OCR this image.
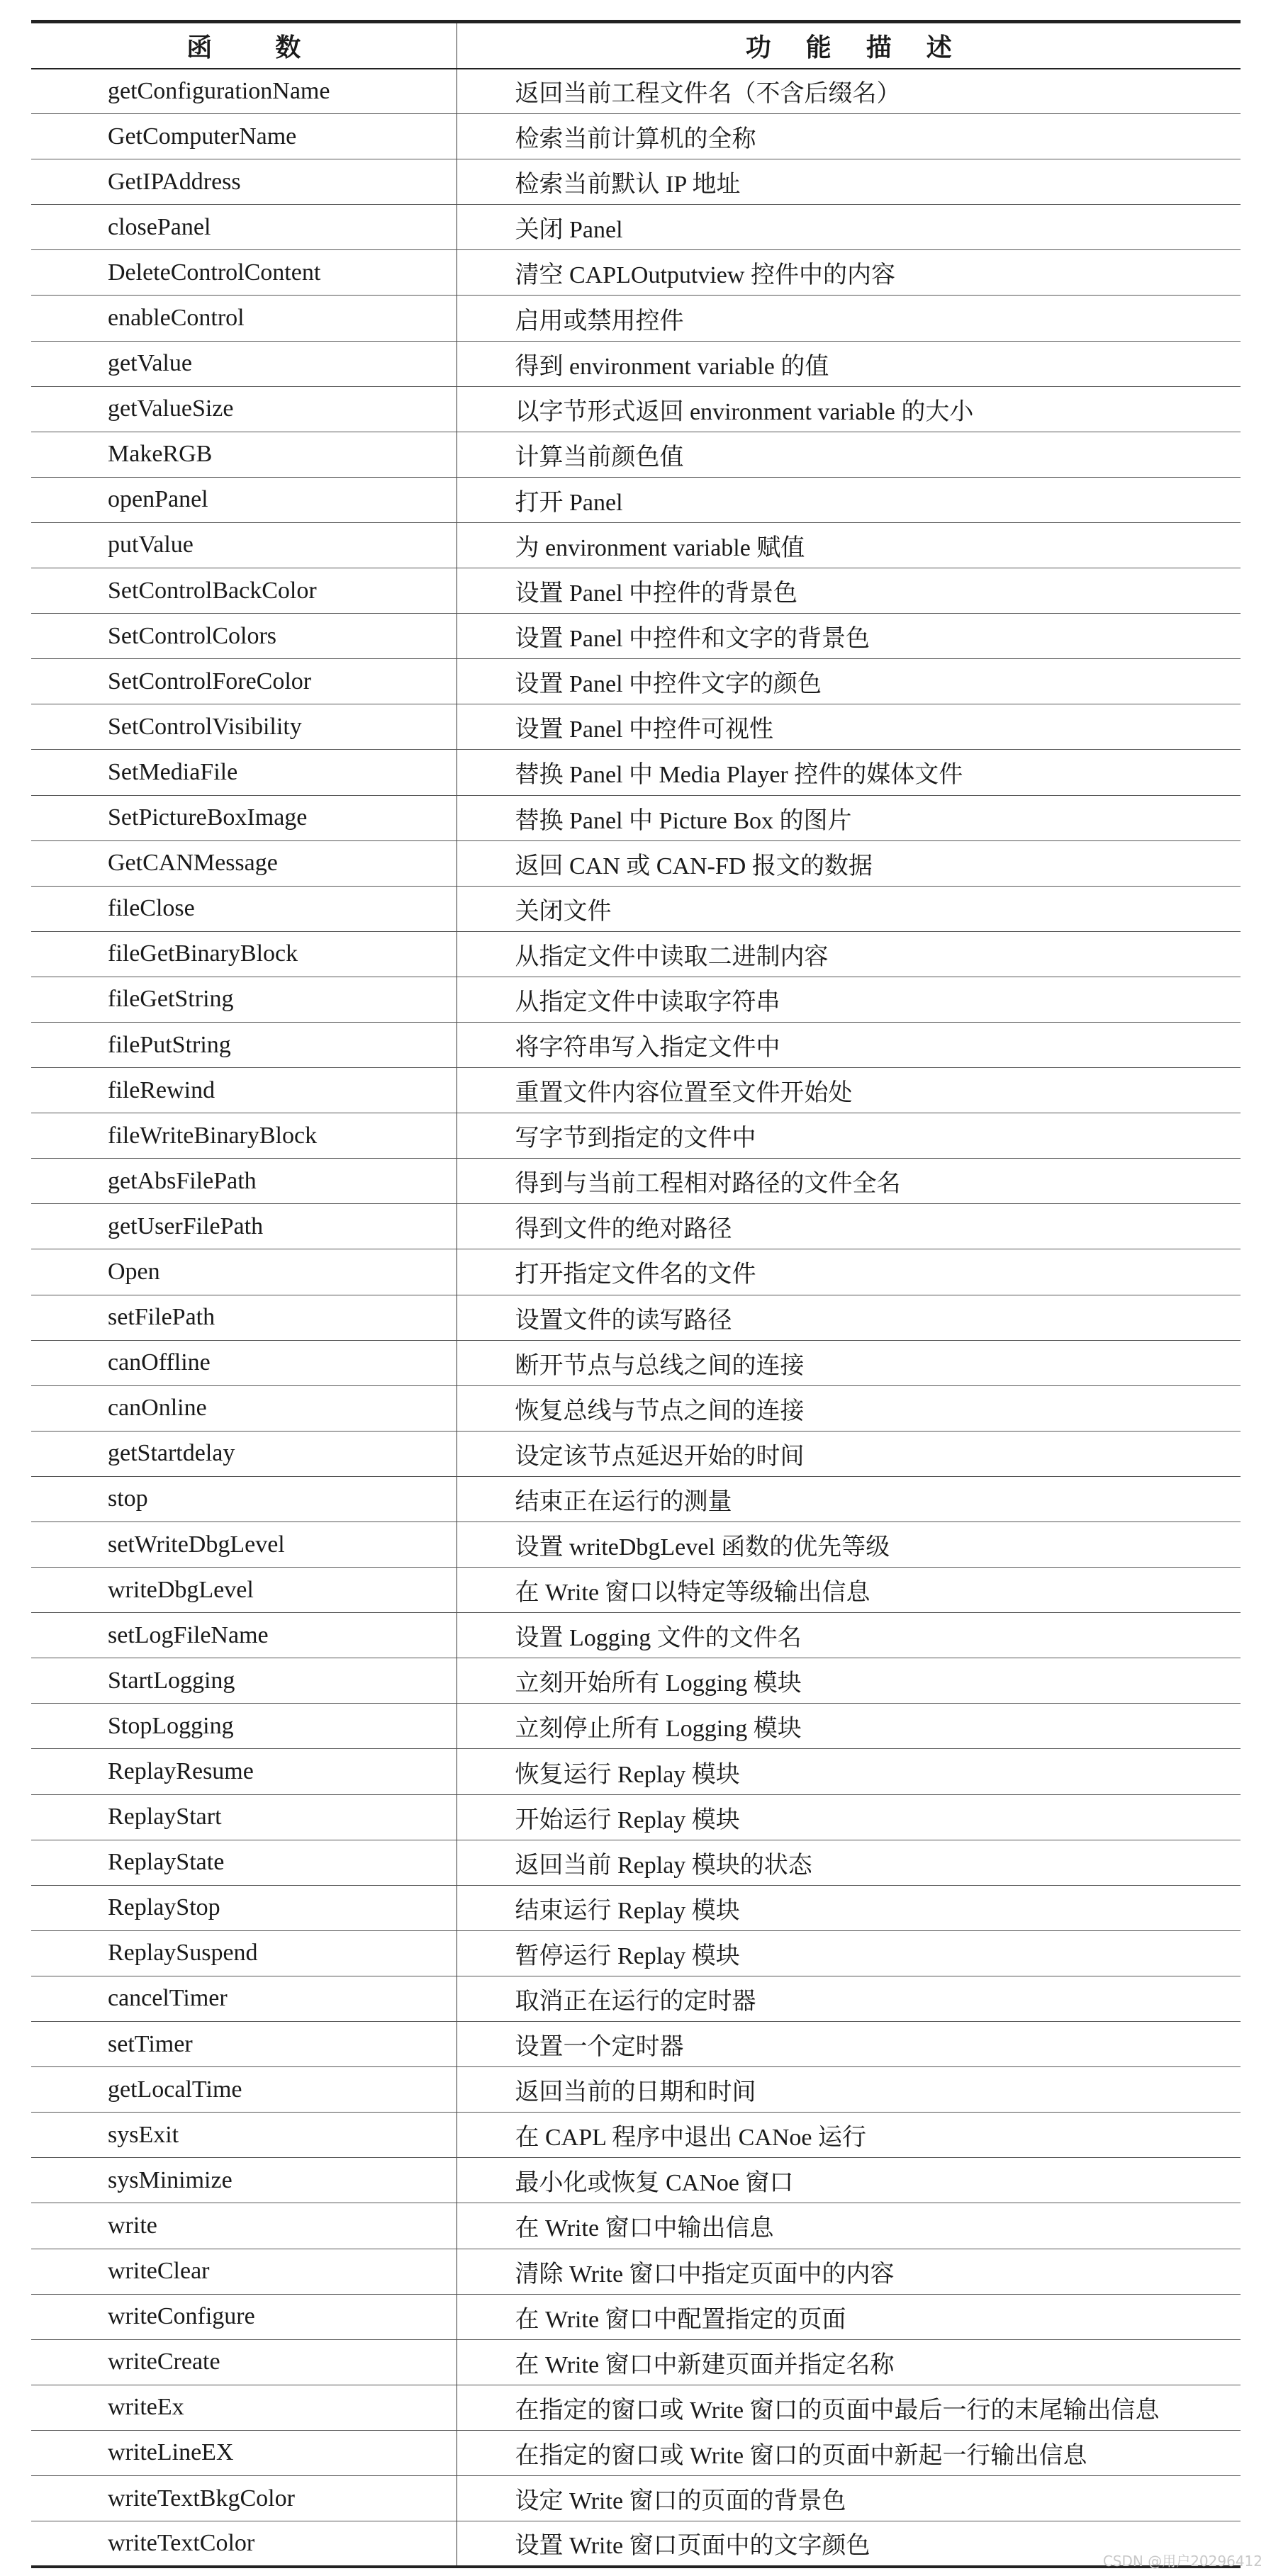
函 数	功 能 描 述
getConfigurationName	返回当前工程文件名（不含后缀名）
GetComputerName	检索当前计算机的全称
GetIPAddress	检索当前默认 IP 地址
closePanel	关闭 Panel
DeleteControlContent	清空 CAPLOutputview 控件中的内容
enableControl	启用或禁用控件
getValue	得到 environment variable 的值
getValueSize	以字节形式返回 environment variable 的大小
MakeRGB	计算当前颜色值
openPanel	打开 Panel
putValue	为 environment variable 赋值
SetControlBackColor	设置 Panel 中控件的背景色
SetControlColors	设置 Panel 中控件和文字的背景色
SetControlForeColor	设置 Panel 中控件文字的颜色
SetControlVisibility	设置 Panel 中控件可视性
SetMediaFile	替换 Panel 中 Media Player 控件的媒体文件
SetPictureBoxImage	替换 Panel 中 Picture Box 的图片
GetCANMessage	返回 CAN 或 CAN-FD 报文的数据
fileClose	关闭文件
fileGetBinaryBlock	从指定文件中读取二进制内容
fileGetString	从指定文件中读取字符串
filePutString	将字符串写入指定文件中
fileRewind	重置文件内容位置至文件开始处
fileWriteBinaryBlock	写字节到指定的文件中
getAbsFilePath	得到与当前工程相对路径的文件全名
getUserFilePath	得到文件的绝对路径
Open	打开指定文件名的文件
setFilePath	设置文件的读写路径
canOffline	断开节点与总线之间的连接
canOnline	恢复总线与节点之间的连接
getStartdelay	设定该节点延迟开始的时间
stop	结束正在运行的测量
setWriteDbgLevel	设置 writeDbgLevel 函数的优先等级
writeDbgLevel	在 Write 窗口以特定等级输出信息
setLogFileName	设置 Logging 文件的文件名
StartLogging	立刻开始所有 Logging 模块
StopLogging	立刻停止所有 Logging 模块
ReplayResume	恢复运行 Replay 模块
ReplayStart	开始运行 Replay 模块
ReplayState	返回当前 Replay 模块的状态
ReplayStop	结束运行 Replay 模块
ReplaySuspend	暂停运行 Replay 模块
cancelTimer	取消正在运行的定时器
setTimer	设置一个定时器
getLocalTime	返回当前的日期和时间
sysExit	在 CAPL 程序中退出 CANoe 运行
sysMinimize	最小化或恢复 CANoe 窗口
write	在 Write 窗口中输出信息
writeClear	清除 Write 窗口中指定页面中的内容
writeConfigure	在 Write 窗口中配置指定的页面
writeCreate	在 Write 窗口中新建页面并指定名称
writeEx	在指定的窗口或 Write 窗口的页面中最后一行的末尾输出信息
writeLineEX	在指定的窗口或 Write 窗口的页面中新起一行输出信息
writeTextBkgColor	设定 Write 窗口的页面的背景色
writeTextColor	设置 Write 窗口页面中的文字颜色
CSDN @用户20296412
